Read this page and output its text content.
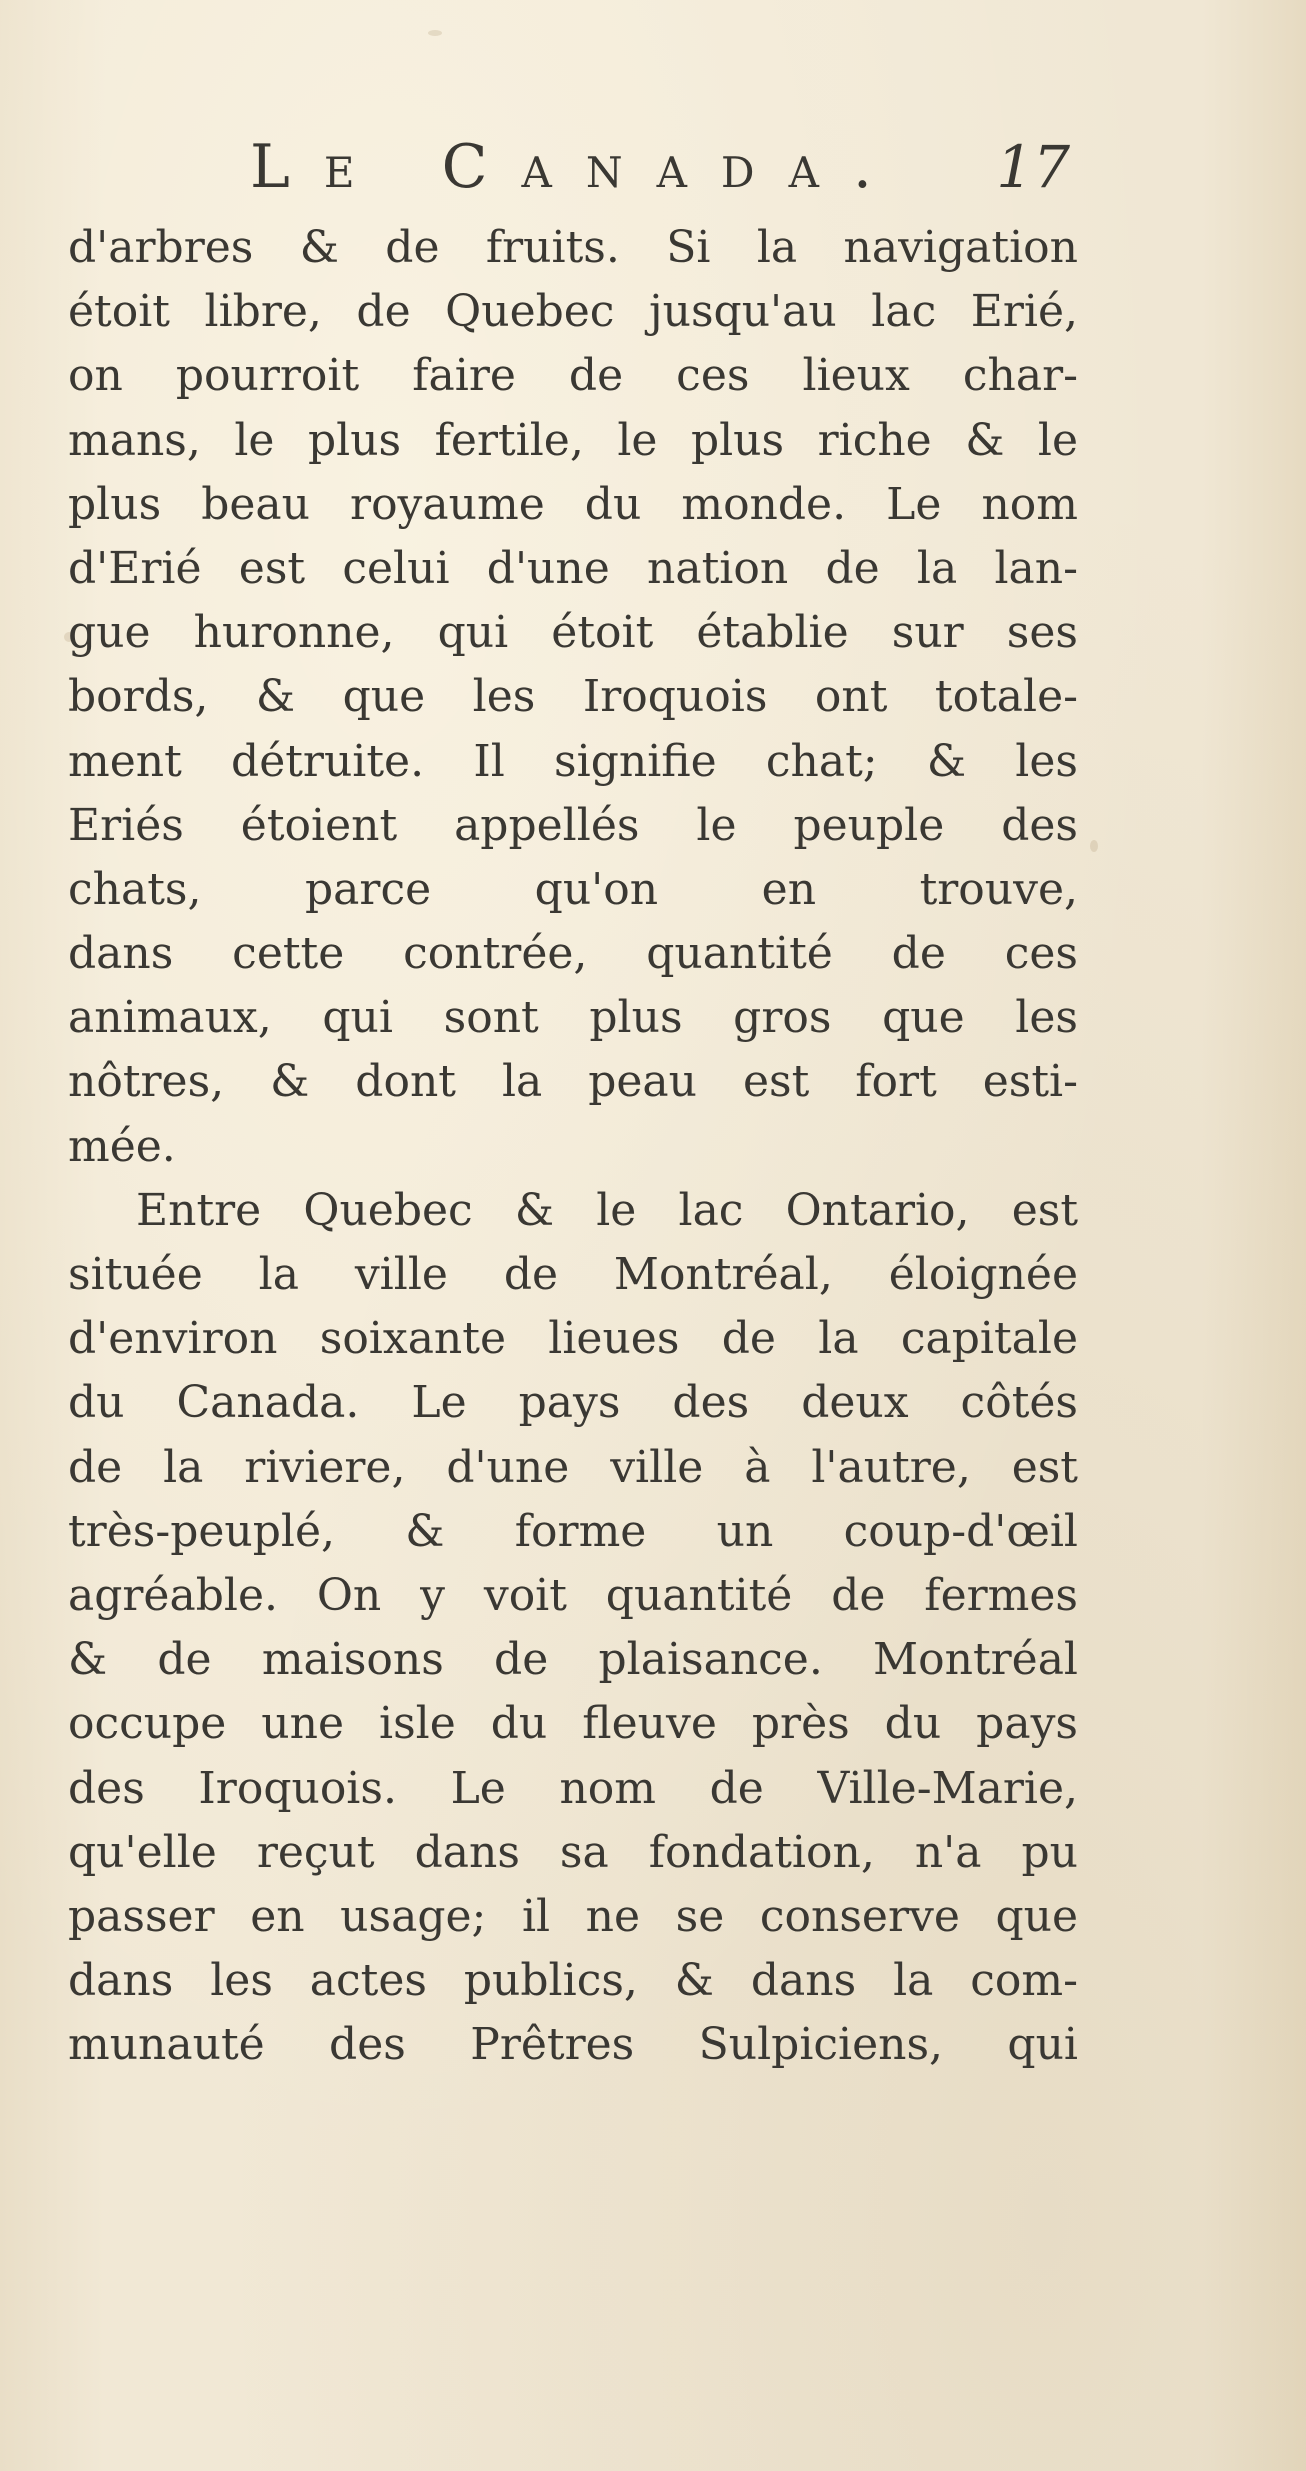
Le Canada. 17
d'arbres & de fruits. Si la navigation
étoit libre, de Quebec jusqu'au lac Erié,
on pourroit faire de ces lieux char-
mans, le plus fertile, le plus riche & le
plus beau royaume du monde. Le nom
d'Erié est celui d'une nation de la lan-
gue huronne, qui étoit établie sur ses
bords, & que les Iroquois ont totale-
ment détruite. Il signifie chat; & les
Eriés étoient appellés le peuple des
chats, parce qu'on en trouve,
dans cette contrée, quantité de ces
animaux, qui sont plus gros que les
nôtres, & dont la peau est fort esti-
mée.
Entre Quebec & le lac Ontario, est
située la ville de Montréal, éloignée
d'environ soixante lieues de la capitale
du Canada. Le pays des deux côtés
de la riviere, d'une ville à l'autre, est
très-peuplé, & forme un coup-d'œil
agréable. On y voit quantité de fermes
& de maisons de plaisance. Montréal
occupe une isle du fleuve près du pays
des Iroquois. Le nom de Ville-Marie,
qu'elle reçut dans sa fondation, n'a pu
passer en usage; il ne se conserve que
dans les actes publics, & dans la com-
munauté des Prêtres Sulpiciens, qui
